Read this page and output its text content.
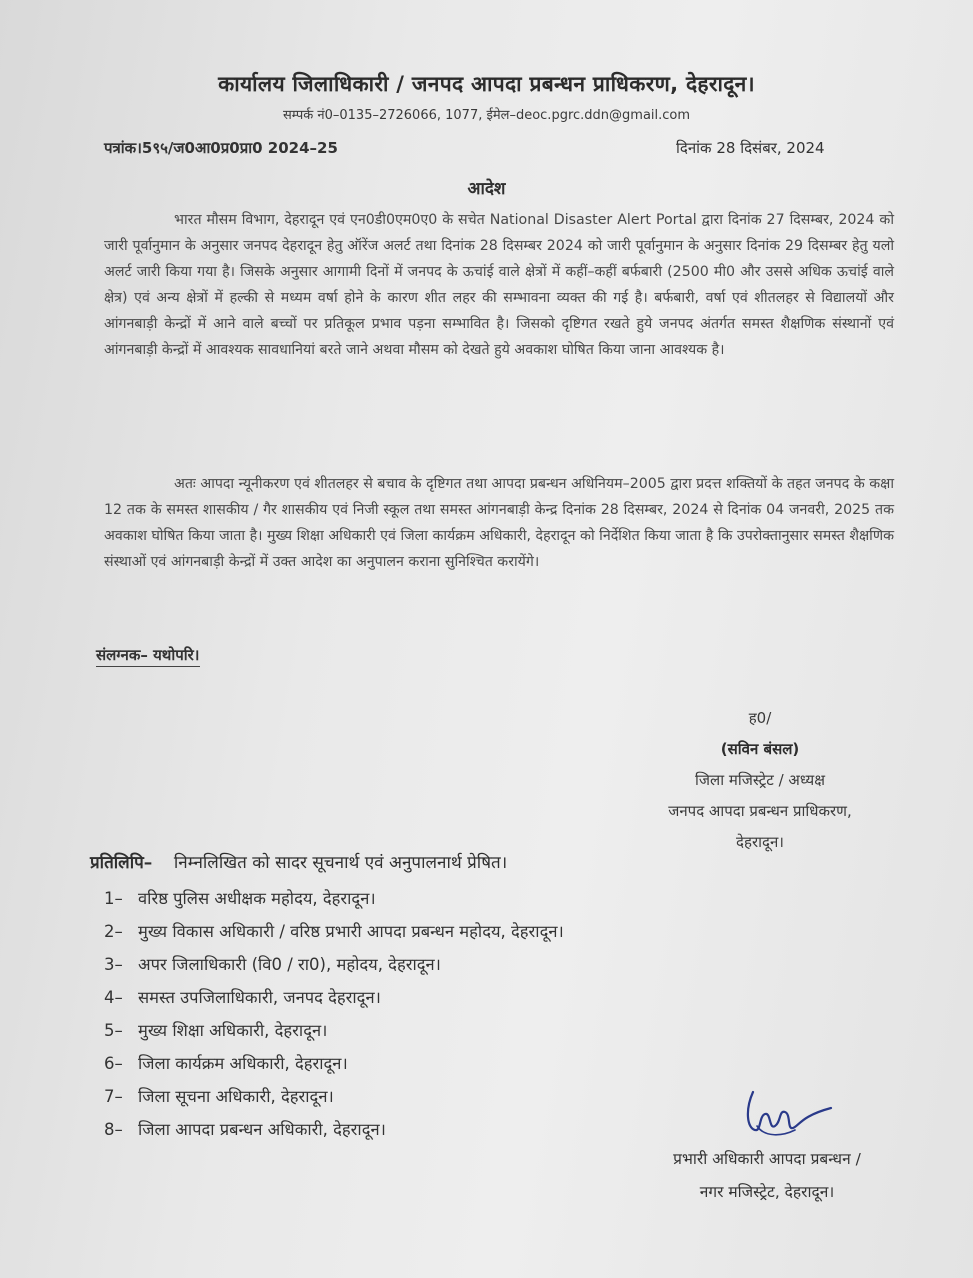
कार्यालय जिलाधिकारी / जनपद आपदा प्रबन्धन प्राधिकरण, देहरादून।
सम्पर्क नं0–0135–2726066, 1077, ईमेल–deoc.pgrc.ddn@gmail.com
पत्रांक।5९५/ज0आ0प्र0प्रा0 2024–25	दिनांक 28 दिसंबर, 2024
आदेश
भारत मौसम विभाग, देहरादून एवं एन0डी0एम0ए0 के सचेत National Disaster Alert Portal द्वारा दिनांक 27 दिसम्बर, 2024 को जारी पूर्वानुमान के अनुसार जनपद देहरादून हेतु ऑरेंज अलर्ट तथा दिनांक 28 दिसम्बर 2024 को जारी पूर्वानुमान के अनुसार दिनांक 29 दिसम्बर हेतु यलो अलर्ट जारी किया गया है। जिसके अनुसार आगामी दिनों में जनपद के ऊचांई वाले क्षेत्रों में कहीं–कहीं बर्फबारी (2500 मी0 और उससे अधिक ऊचांई वाले क्षेत्र) एवं अन्य क्षेत्रों में हल्की से मध्यम वर्षा होने के कारण शीत लहर की सम्भावना व्यक्त की गई है। बर्फबारी, वर्षा एवं शीतलहर से विद्यालयों और आंगनबाड़ी केन्द्रों में आने वाले बच्चों पर प्रतिकूल प्रभाव पड़ना सम्भावित है। जिसको दृष्टिगत रखते हुये जनपद अंतर्गत समस्त शैक्षणिक संस्थानों एवं आंगनबाड़ी केन्द्रों में आवश्यक सावधानियां बरते जाने अथवा मौसम को देखते हुये अवकाश घोषित किया जाना आवश्यक है।
अतः आपदा न्यूनीकरण एवं शीतलहर से बचाव के दृष्टिगत तथा आपदा प्रबन्धन अधिनियम–2005 द्वारा प्रदत्त शक्तियों के तहत जनपद के कक्षा 12 तक के समस्त शासकीय / गैर शासकीय एवं निजी स्कूल तथा समस्त आंगनबाड़ी केन्द्र दिनांक 28 दिसम्बर, 2024 से दिनांक 04 जनवरी, 2025 तक अवकाश घोषित किया जाता है। मुख्य शिक्षा अधिकारी एवं जिला कार्यक्रम अधिकारी, देहरादून को निर्देशित किया जाता है कि उपरोक्तानुसार समस्त शैक्षणिक संस्थाओं एवं आंगनबाड़ी केन्द्रों में उक्त आदेश का अनुपालन कराना सुनिश्चित करायेंगे।
संलग्नक– यथोपरि।
ह0/
(सविन बंसल)
जिला मजिस्ट्रेट / अध्यक्ष
जनपद आपदा प्रबन्धन प्राधिकरण,
देहरादून।
प्रतिलिपि– निम्नलिखित को सादर सूचनार्थ एवं अनुपालनार्थ प्रेषित।
1– वरिष्ठ पुलिस अधीक्षक महोदय, देहरादून।
2– मुख्य विकास अधिकारी / वरिष्ठ प्रभारी आपदा प्रबन्धन महोदय, देहरादून।
3– अपर जिलाधिकारी (वि0 / रा0), महोदय, देहरादून।
4– समस्त उपजिलाधिकारी, जनपद देहरादून।
5– मुख्य शिक्षा अधिकारी, देहरादून।
6– जिला कार्यक्रम अधिकारी, देहरादून।
7– जिला सूचना अधिकारी, देहरादून।
8– जिला आपदा प्रबन्धन अधिकारी, देहरादून।
प्रभारी अधिकारी आपदा प्रबन्धन /
नगर मजिस्ट्रेट, देहरादून।
